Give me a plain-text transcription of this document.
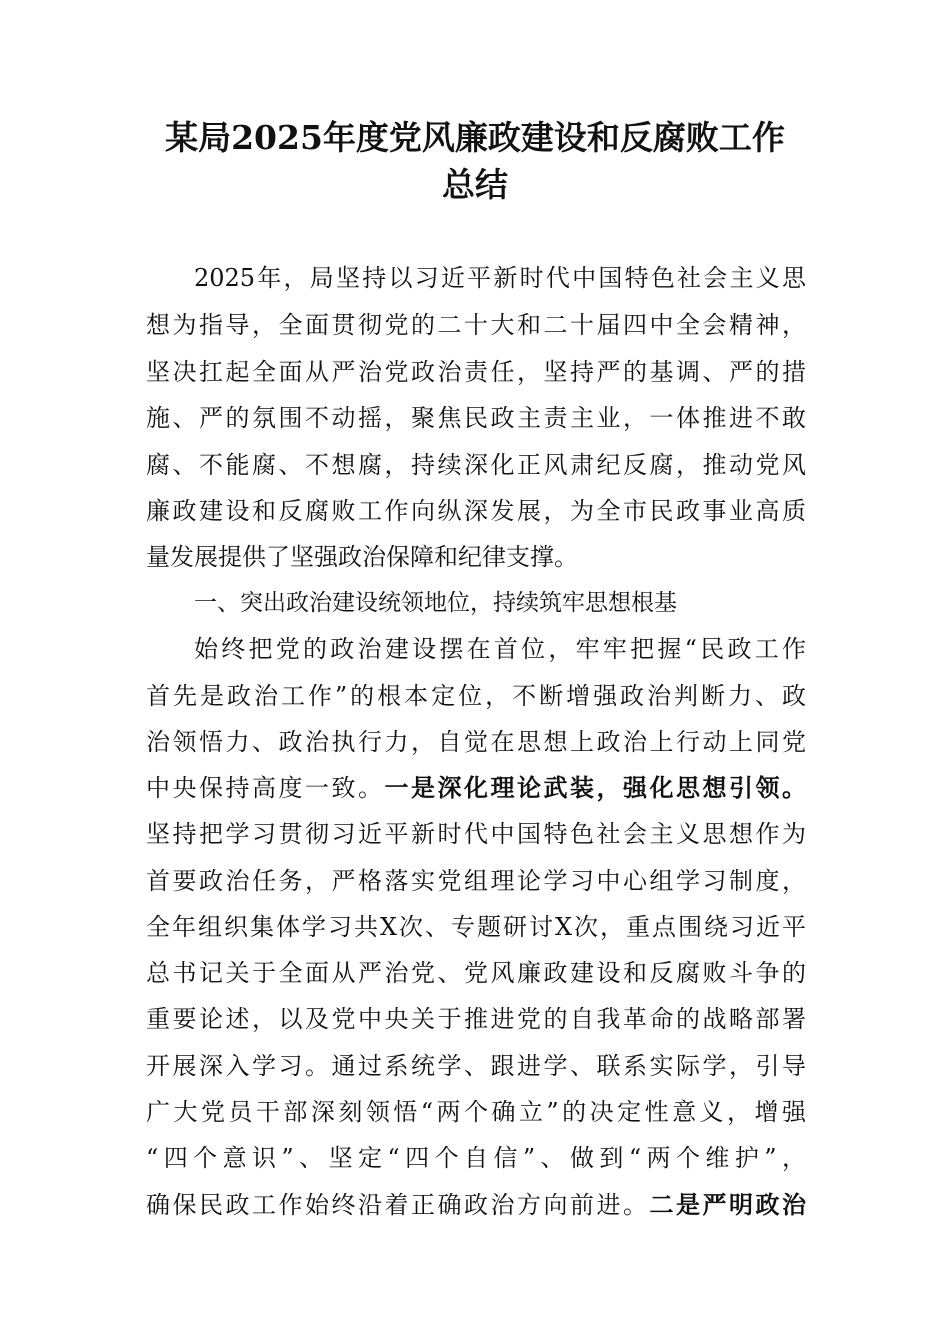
某局2025年度党风廉政建设和反腐败工作
总结

2025年，局坚持以习近平新时代中国特色社会主义思

想为指导，全面贯彻党的二十大和二十届四中全会精神，

坚决扛起全面从严治党政治责任，坚持严的基调、严的措

施、严的氛围不动摇，聚焦民政主责主业，一体推进不敢

腐、不能腐、不想腐，持续深化正风肃纪反腐，推动党风

廉政建设和反腐败工作向纵深发展，为全市民政事业高质

量发展提供了坚强政治保障和纪律支撑。

一、突出政治建设统领地位，持续筑牢思想根基

始终把党的政治建设摆在首位，牢牢把握“民政工作

首先是政治工作”的根本定位，不断增强政治判断力、政

治领悟力、政治执行力，自觉在思想上政治上行动上同党

中央保持高度一致。一是深化理论武装，强化思想引领。

坚持把学习贯彻习近平新时代中国特色社会主义思想作为

首要政治任务，严格落实党组理论学习中心组学习制度，

全年组织集体学习共X次、专题研讨X次，重点围绕习近平

总书记关于全面从严治党、党风廉政建设和反腐败斗争的

重要论述，以及党中央关于推进党的自我革命的战略部署

开展深入学习。通过系统学、跟进学、联系实际学，引导

广大党员干部深刻领悟“两个确立”的决定性意义，增强

“四个意识”、坚定“四个自信”、做到“两个维护”，

确保民政工作始终沿着正确政治方向前进。二是严明政治
